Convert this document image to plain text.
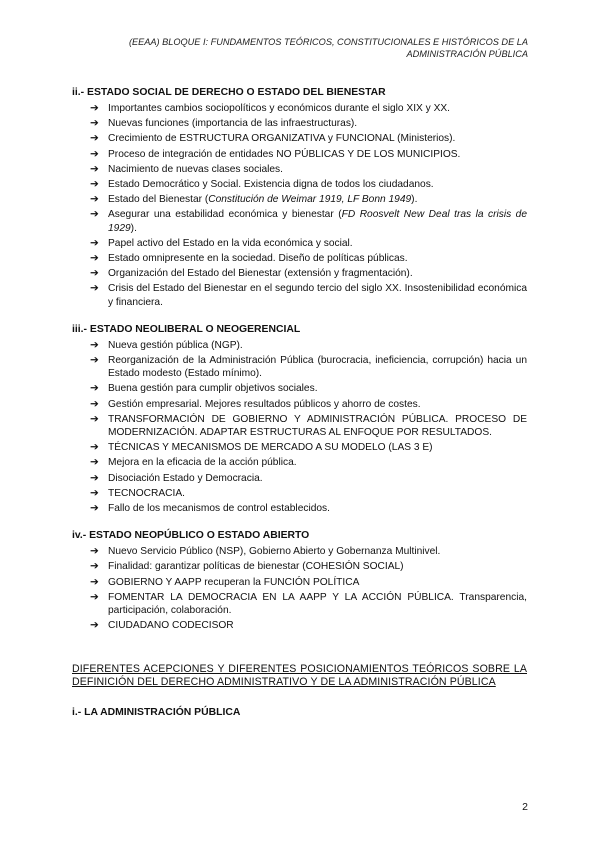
(EEAA) BLOQUE I: FUNDAMENTOS TEÓRICOS, CONSTITUCIONALES E HISTÓRICOS DE LA
ADMINISTRACIÓN PÚBLICA
ii.- ESTADO SOCIAL DE DERECHO O ESTADO DEL BIENESTAR
➔ Importantes cambios sociopolíticos y económicos durante el siglo XIX y XX.
➔ Nuevas funciones (importancia de las infraestructuras).
➔ Crecimiento de ESTRUCTURA ORGANIZATIVA y FUNCIONAL (Ministerios).
➔ Proceso de integración de entidades NO PÚBLICAS Y DE LOS MUNICIPIOS.
➔ Nacimiento de nuevas clases sociales.
➔ Estado Democrático y Social. Existencia digna de todos los ciudadanos.
➔ Estado del Bienestar (Constitución de Weimar 1919, LF Bonn 1949).
➔ Asegurar una estabilidad económica y bienestar (FD Roosvelt New Deal tras la crisis de 1929).
➔ Papel activo del Estado en la vida económica y social.
➔ Estado omnipresente en la sociedad. Diseño de políticas públicas.
➔ Organización del Estado del Bienestar (extensión y fragmentación).
➔ Crisis del Estado del Bienestar en el segundo tercio del siglo XX. Insostenibilidad económica y financiera.
iii.- ESTADO NEOLIBERAL O NEOGERENCIAL
➔ Nueva gestión pública (NGP).
➔ Reorganización de la Administración Pública (burocracia, ineficiencia, corrupción) hacia un Estado modesto (Estado mínimo).
➔ Buena gestión para cumplir objetivos sociales.
➔ Gestión empresarial. Mejores resultados públicos y ahorro de costes.
➔ TRANSFORMACIÓN DE GOBIERNO Y ADMINISTRACIÓN PÚBLICA. PROCESO DE MODERNIZACIÓN. ADAPTAR ESTRUCTURAS AL ENFOQUE POR RESULTADOS.
➔ TÉCNICAS Y MECANISMOS DE MERCADO A SU MODELO (LAS 3 E)
➔ Mejora en la eficacia de la acción pública.
➔ Disociación Estado y Democracia.
➔ TECNOCRACIA.
➔ Fallo de los mecanismos de control establecidos.
iv.- ESTADO NEOPÚBLICO O ESTADO ABIERTO
➔ Nuevo Servicio Público (NSP), Gobierno Abierto y Gobernanza Multinivel.
➔ Finalidad: garantizar políticas de bienestar (COHESIÓN SOCIAL)
➔ GOBIERNO Y AAPP recuperan la FUNCIÓN POLÍTICA
➔ FOMENTAR LA DEMOCRACIA EN LA AAPP Y LA ACCIÓN PÚBLICA. Transparencia, participación, colaboración.
➔ CIUDADANO CODECISOR
DIFERENTES ACEPCIONES Y DIFERENTES POSICIONAMIENTOS TEÓRICOS SOBRE LA DEFINICIÓN DEL DERECHO ADMINISTRATIVO Y DE LA ADMINISTRACIÓN PÚBLICA
i.- LA ADMINISTRACIÓN PÚBLICA
2
